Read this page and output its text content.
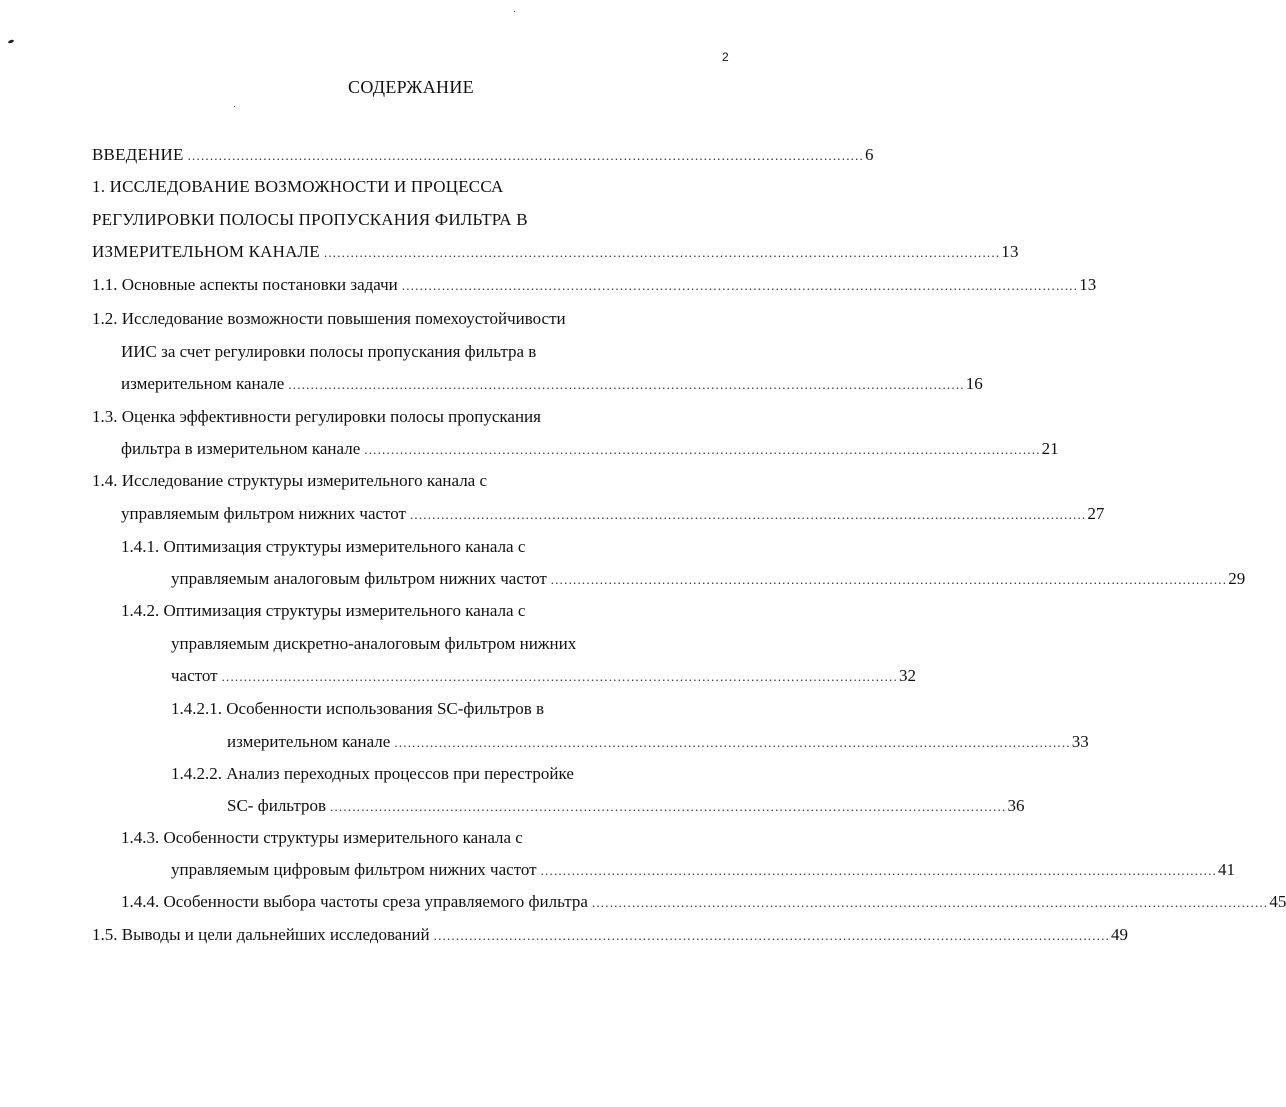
2
СОДЕРЖАНИЕ
ВВЕДЕНИЕ ........................................................................................................................................................ 6
1. ИССЛЕДОВАНИЕ ВОЗМОЖНОСТИ И ПРОЦЕССА
РЕГУЛИРОВКИ ПОЛОСЫ ПРОПУСКАНИЯ ФИЛЬТРА В
ИЗМЕРИТЕЛЬНОМ КАНАЛЕ ........................................................................................................................................................ 13
1.1. Основные аспекты постановки задачи ........................................................................................................................................................ 13
1.2. Исследование возможности повышения помехоустойчивости
ИИС за счет регулировки полосы пропускания фильтра в
измерительном канале ........................................................................................................................................................ 16
1.3. Оценка эффективности регулировки полосы пропускания
фильтра в измерительном канале ........................................................................................................................................................ 21
1.4. Исследование структуры измерительного канала с
управляемым фильтром нижних частот ........................................................................................................................................................ 27
1.4.1. Оптимизация структуры измерительного канала с
управляемым аналоговым фильтром нижних частот ........................................................................................................................................................ 29
1.4.2. Оптимизация структуры измерительного канала с
управляемым дискретно-аналоговым фильтром нижних
частот ........................................................................................................................................................ 32
1.4.2.1. Особенности использования SC-фильтров в
измерительном канале ........................................................................................................................................................ 33
1.4.2.2. Анализ переходных процессов при перестройке
SC- фильтров ........................................................................................................................................................ 36
1.4.3. Особенности структуры измерительного канала с
управляемым цифровым фильтром нижних частот ........................................................................................................................................................ 41
1.4.4. Особенности выбора частоты среза управляемого фильтра ........................................................................................................................................................ 45
1.5. Выводы и цели дальнейших исследований ........................................................................................................................................................ 49
